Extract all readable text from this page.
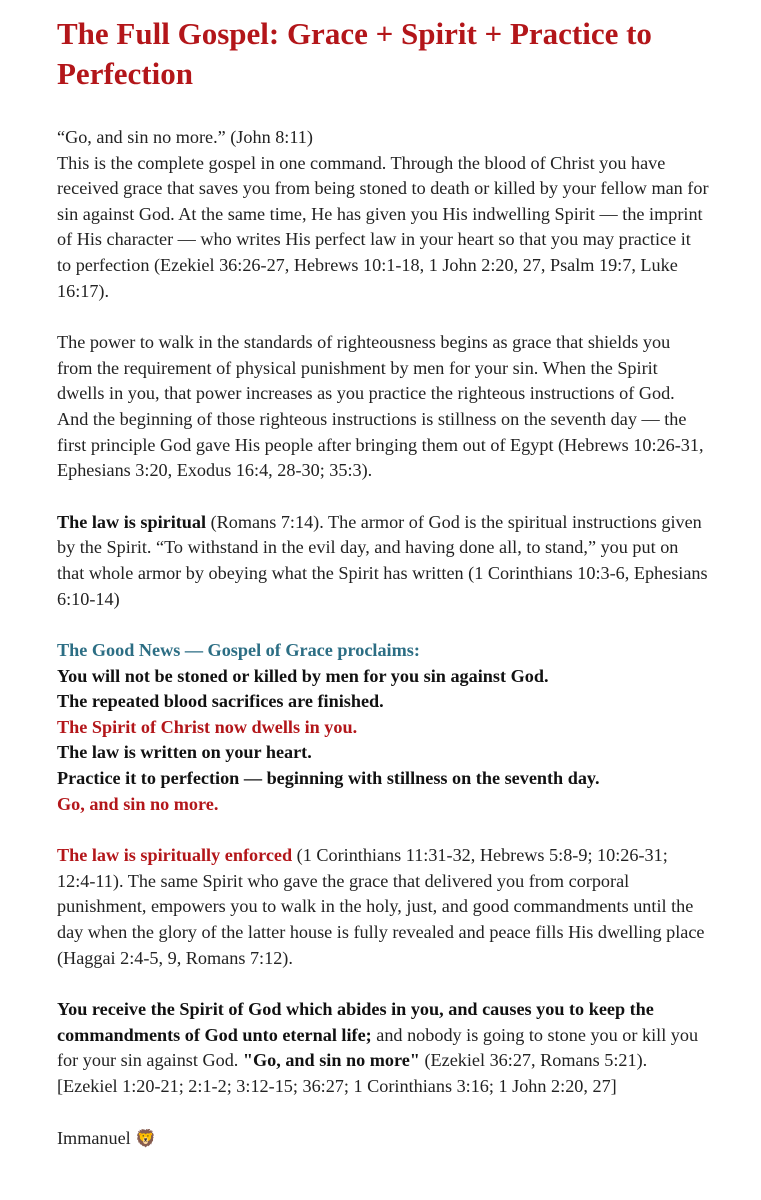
The Full Gospel: Grace + Spirit + Practice to Perfection

“Go, and sin no more.” (John 8:11)
This is the complete gospel in one command. Through the blood of Christ you have received grace that saves you from being stoned to death or killed by your fellow man for sin against God. At the same time, He has given you His indwelling Spirit — the imprint of His character — who writes His perfect law in your heart so that you may practice it to perfection (Ezekiel 36:26-27, Hebrews 10:1-18, 1 John 2:20, 27, Psalm 19:7, Luke 16:17).

The power to walk in the standards of righteousness begins as grace that shields you from the requirement of physical punishment by men for your sin. When the Spirit dwells in you, that power increases as you practice the righteous instructions of God. And the beginning of those righteous instructions is stillness on the seventh day — the first principle God gave His people after bringing them out of Egypt (Hebrews 10:26-31, Ephesians 3:20, Exodus 16:4, 28-30; 35:3).

The law is spiritual (Romans 7:14). The armor of God is the spiritual instructions given by the Spirit. “To withstand in the evil day, and having done all, to stand,” you put on that whole armor by obeying what the Spirit has written (1 Corinthians 10:3-6, Ephesians 6:10-14)

The Good News — Gospel of Grace proclaims:
You will not be stoned or killed by men for you sin against God.
The repeated blood sacrifices are finished.
The Spirit of Christ now dwells in you.
The law is written on your heart.
Practice it to perfection — beginning with stillness on the seventh day.
Go, and sin no more.

The law is spiritually enforced (1 Corinthians 11:31-32, Hebrews 5:8-9; 10:26-31; 12:4-11). The same Spirit who gave the grace that delivered you from corporal punishment, empowers you to walk in the holy, just, and good commandments until the day when the glory of the latter house is fully revealed and peace fills His dwelling place (Haggai 2:4-5, 9, Romans 7:12).

You receive the Spirit of God which abides in you, and causes you to keep the commandments of God unto eternal life; and nobody is going to stone you or kill you for your sin against God. "Go, and sin no more" (Ezekiel 36:27, Romans 5:21). [Ezekiel 1:20-21; 2:1-2; 3:12-15; 36:27; 1 Corinthians 3:16; 1 John 2:20, 27]

Immanuel 🦁
